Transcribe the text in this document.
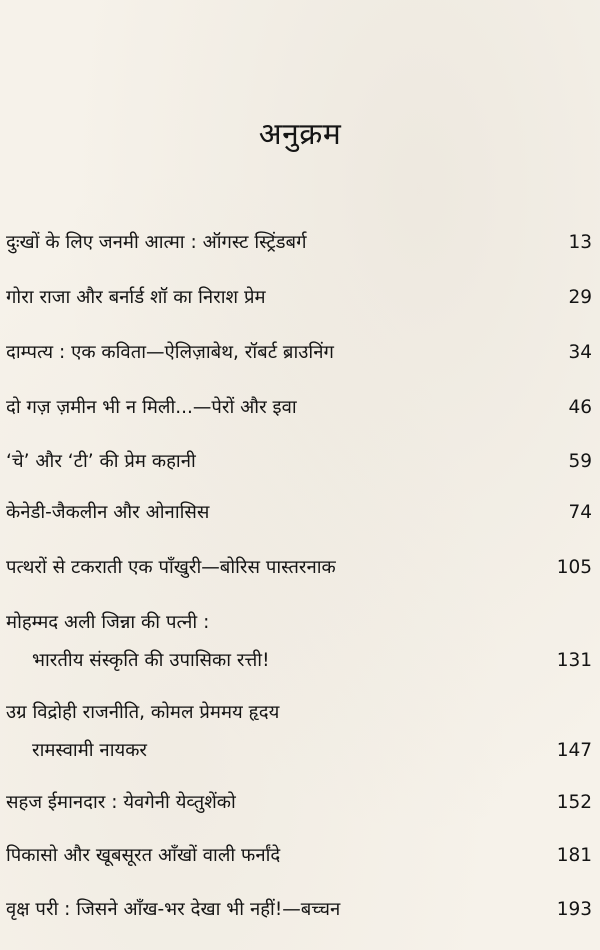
अनुक्रम
दुःखों के लिए जनमी आत्मा : ऑगस्ट स्ट्रिंडबर्ग	13
गोरा राजा और बर्नार्ड शॉ का निराश प्रेम	29
दाम्पत्य : एक कविता—ऐलिज़ाबेथ, रॉबर्ट ब्राउनिंग	34
दो गज़ ज़मीन भी न मिली...—पेरों और इवा	46
‘चे’ और ‘टी’ की प्रेम कहानी	59
केनेडी-जैकलीन और ओनासिस	74
पत्थरों से टकराती एक पाँखुरी—बोरिस पास्तरनाक	105
मोहम्मद अली जिन्ना की पत्नी :
भारतीय संस्कृति की उपासिका रत्ती!	131
उग्र विद्रोही राजनीति, कोमल प्रेममय हृदय
रामस्वामी नायकर	147
सहज ईमानदार : येवगेनी येव्तुशेंको	152
पिकासो और खूबसूरत आँखों वाली फर्नांदे	181
वृक्ष परी : जिसने आँख-भर देखा भी नहीं!—बच्चन	193
